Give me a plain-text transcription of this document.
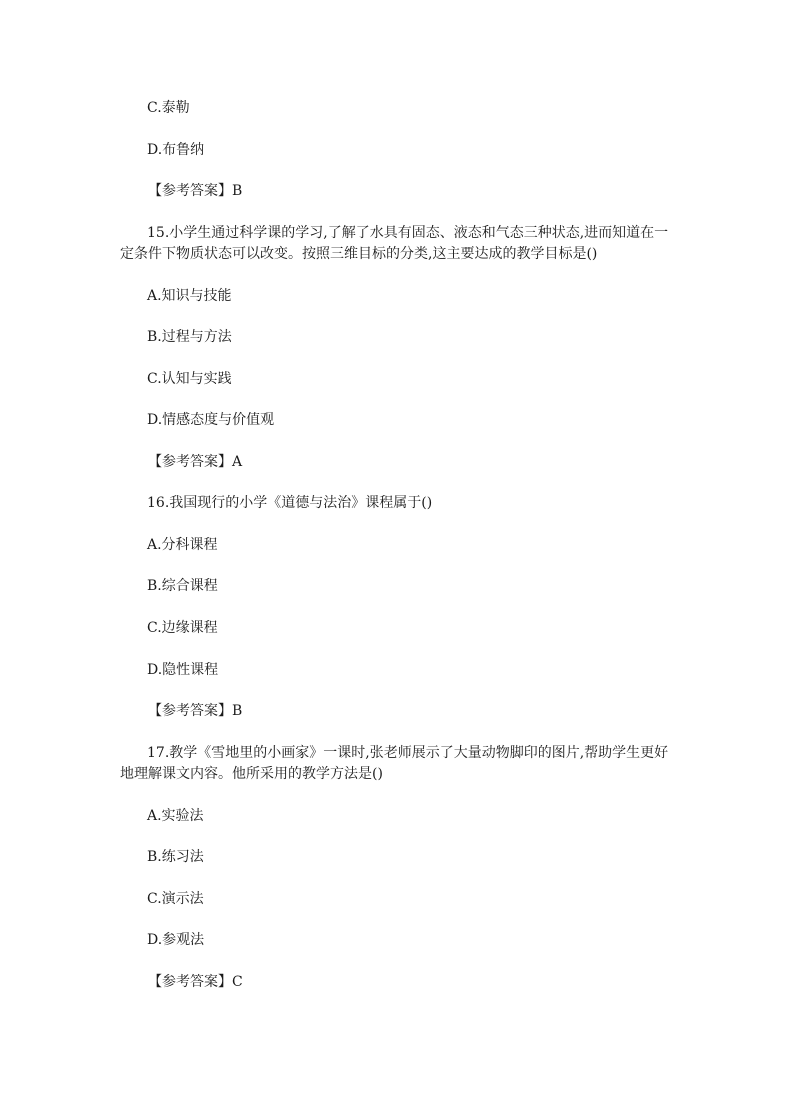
C.泰勒
D.布鲁纳
【参考答案】B
15.小学生通过科学课的学习,了解了水具有固态、液态和气态三种状态,进而知道在一定条件下物质状态可以改变。按照三维目标的分类,这主要达成的教学目标是()
A.知识与技能
B.过程与方法
C.认知与实践
D.情感态度与价值观
【参考答案】A
16.我国现行的小学《道德与法治》课程属于()
A.分科课程
B.综合课程
C.边缘课程
D.隐性课程
【参考答案】B
17.教学《雪地里的小画家》一课时,张老师展示了大量动物脚印的图片,帮助学生更好地理解课文内容。他所采用的教学方法是()
A.实验法
B.练习法
C.演示法
D.参观法
【参考答案】C
